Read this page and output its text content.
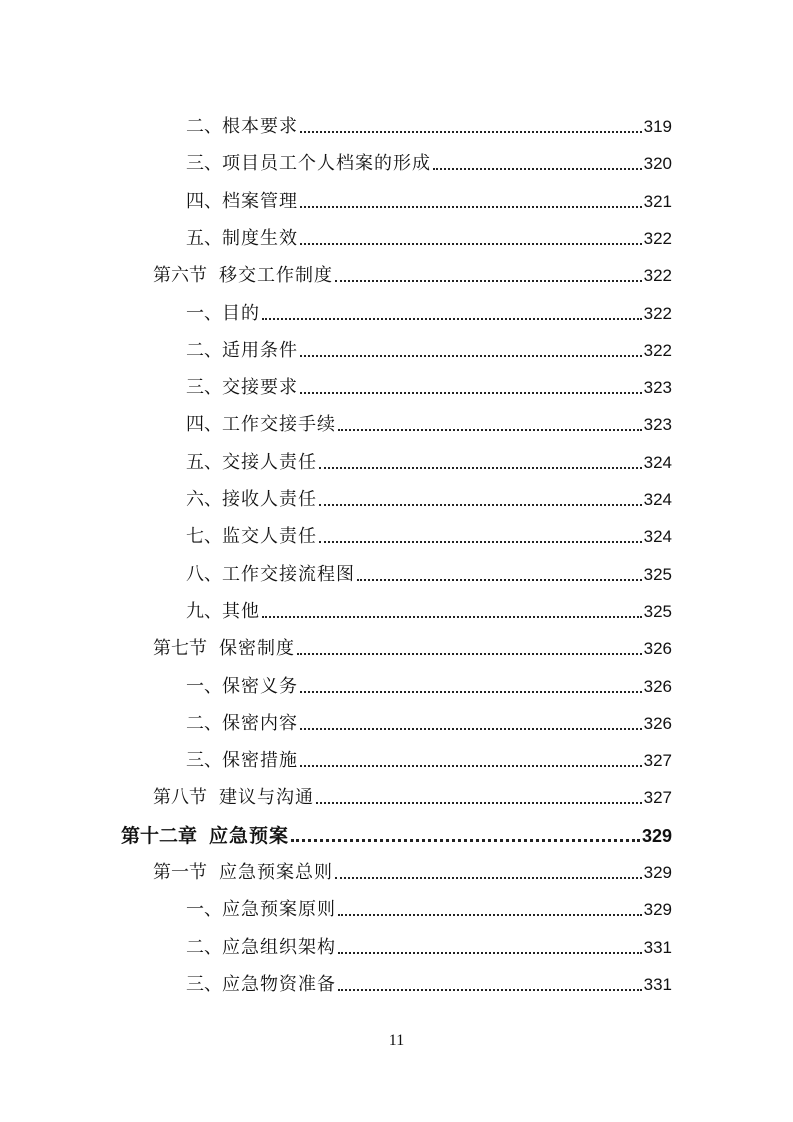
二、 根本要求	319
三、 项目员工个人档案的形成	320
四、 档案管理	321
五、 制度生效	322
第六节 移交工作制度	322
一、 目的	322
二、 适用条件	322
三、 交接要求	323
四、 工作交接手续	323
五、 交接人责任	324
六、 接收人责任	324
七、 监交人责任	324
八、 工作交接流程图	325
九、 其他	325
第七节 保密制度	326
一、 保密义务	326
二、 保密内容	326
三、 保密措施	327
第八节 建议与沟通	327
第十二章 应急预案	329
第一节 应急预案总则	329
一、 应急预案原则	329
二、 应急组织架构	331
三、 应急物资准备	331
11
